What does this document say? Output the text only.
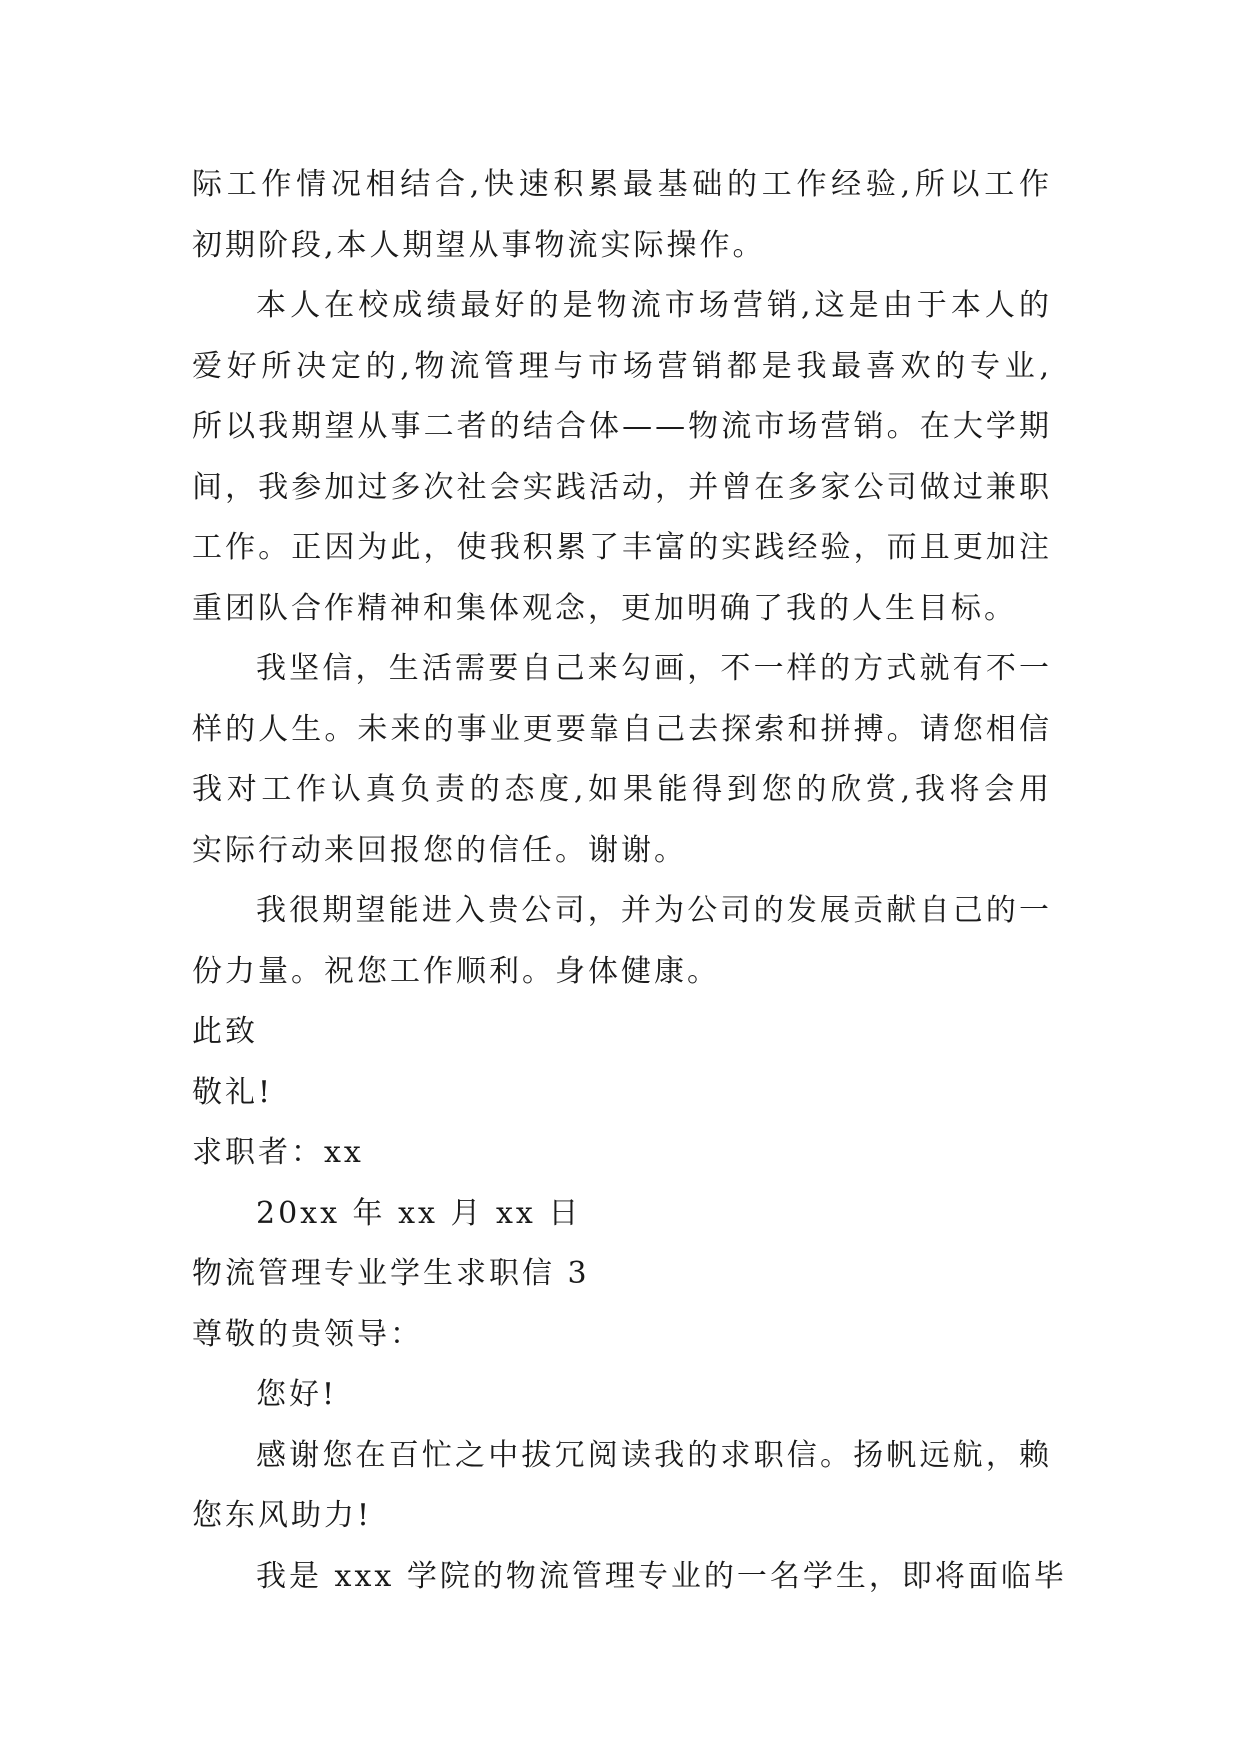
际工作情况相结合,快速积累最基础的工作经验,所以工作
初期阶段,本人期望从事物流实际操作。
本人在校成绩最好的是物流市场营销,这是由于本人的
爱好所决定的,物流管理与市场营销都是我最喜欢的专业,
所以我期望从事二者的结合体——物流市场营销。在大学期
间，我参加过多次社会实践活动，并曾在多家公司做过兼职
工作。正因为此，使我积累了丰富的实践经验，而且更加注
重团队合作精神和集体观念，更加明确了我的人生目标。
我坚信，生活需要自己来勾画，不一样的方式就有不一
样的人生。未来的事业更要靠自己去探索和拼搏。请您相信
我对工作认真负责的态度,如果能得到您的欣赏,我将会用
实际行动来回报您的信任。谢谢。
我很期望能进入贵公司，并为公司的发展贡献自己的一
份力量。祝您工作顺利。身体健康。
此致
敬礼!
求职者：xx
20xx 年 xx 月 xx 日
物流管理专业学生求职信 3
尊敬的贵领导：
您好!
感谢您在百忙之中拔冗阅读我的求职信。扬帆远航，赖
您东风助力!
我是 xxx 学院的物流管理专业的一名学生，即将面临毕
